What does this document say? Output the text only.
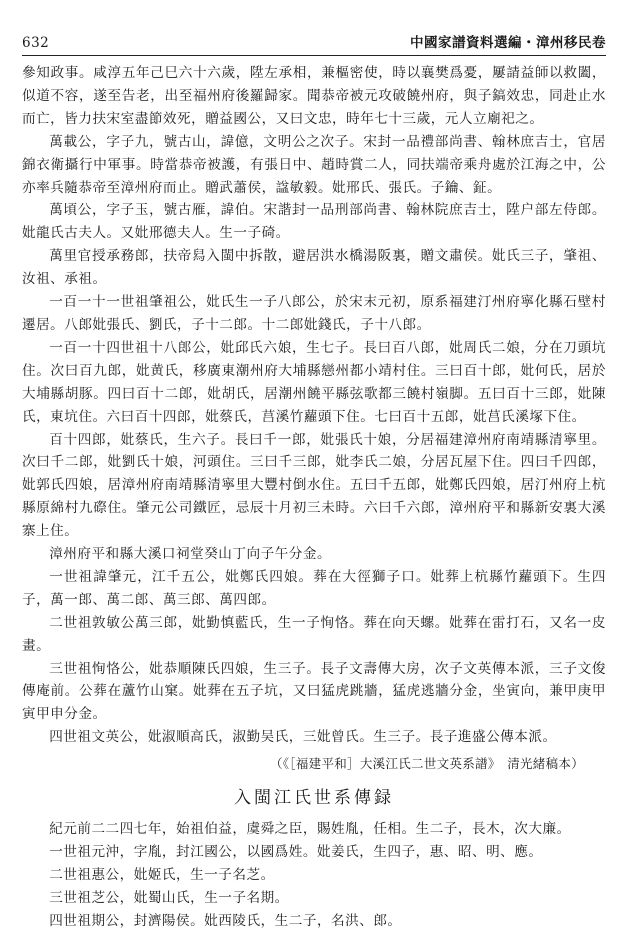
632	中國家譜資料選編・漳州移民卷

參知政事。咸淳五年己巳六十六歲，陞左承相，兼樞密使，時以襄樊爲憂，屢請益師以救闔，似道不容，遂至告老，出至福州府後羅歸家。聞恭帝被元攻破饒州府，與子鎬效忠，同赴止水而亡，皆力扶宋室盡節效死，贈益國公，又曰文忠，時年七十三歲，元人立廟祀之。

萬載公，字子九，號古山，諱億，文明公之次子。宋封一品禮部尚書、翰林庶吉士，官居錦衣衛攝行中軍事。時當恭帝被護，有張日中、趙時賞二人，同扶端帝乘舟處於江海之中，公亦率兵隨恭帝至漳州府而止。贈武蕭侯，諡敏毅。妣邢氏、張氏。子鑰、鉦。

萬頃公，字子玉，號古雁，諱伯。宋諧封一品刑部尚書、翰林院庶吉士，陞户部左侍郎。妣龍氏古夫人。又妣邢德夫人。生一子碕。

萬里官授承務郎，扶帝舄入閩中拆散，避居洪水橋湯阪裏，贈文肅侯。妣氏三子，肇祖、汝祖、承祖。

一百一十一世祖肇祖公，妣氏生一子八郎公，於宋末元初，原系福建汀州府寧化縣石壁村遷居。八郎妣張氏、劉氏，子十二郎。十二郎妣錢氏，子十八郎。

一百一十四世祖十八郎公，妣邱氏六娘，生七子。長曰百八郎，妣周氏二娘，分在刀頭坑住。次曰百九郎，妣黄氏，移廣東潮州府大埔縣戀州都小靖村住。三曰百十郎，妣何氏，居於大埔縣胡豚。四曰百十二郎，妣胡氏，居潮州饒平縣弦歌都三饒村嶺脚。五曰百十三郎，妣陳氏，東坑住。六曰百十四郎，妣蔡氏，莒溪竹蘿頭下住。七曰百十五郎，妣莒氏溪塚下住。

百十四郎，妣蔡氏，生六子。長曰千一郎，妣張氏十娘，分居福建漳州府南靖縣清寧里。次曰千二郎，妣劉氏十娘，河頭住。三曰千三郎，妣李氏二娘，分居瓦屋下住。四曰千四郎，妣郭氏四娘，居漳州府南靖縣清寧里大豐村倒水住。五曰千五郎，妣鄭氏四娘，居汀州府上杭縣原綿村九磜住。肇元公司鐵匠，忌辰十月初三未時。六曰千六郎，漳州府平和縣新安裏大溪寨上住。

漳州府平和縣大溪口祠堂癸山丁向子午分金。

一世祖諱肇元，江千五公，妣鄭氏四娘。葬在大徑獅子口。妣葬上杭縣竹蘿頭下。生四子，萬一郎、萬二郎、萬三郎、萬四郎。

二世祖敦敏公萬三郎，妣勤慎藍氏，生一子恂恪。葬在向天螺。妣葬在雷打石，又名一皮畫。

三世祖恂恪公，妣恭順陳氏四娘，生三子。長子文壽傳大房，次子文英傳本派，三子文俊傳庵前。公葬在蘆竹山窠。妣葬在五子坑，又曰猛虎跳牆，猛虎逃牆分金，坐寅向，兼甲庚甲寅甲申分金。

四世祖文英公，妣淑順高氏，淑勤吴氏，三妣曾氏。生三子。長子進盛公傳本派。

（《［福建平和］大溪江氏二世文英系譜》　清光緒稿本）
入閩江氏世系傳録

紀元前二二四七年，始祖伯益，虞舜之臣，賜姓胤，任相。生二子，長木，次大廉。

一世祖元沖，字胤，封江國公，以國爲姓。妣姜氏，生四子，惠、昭、明、應。

二世祖惠公，妣姬氏，生一子名芝。

三世祖芝公，妣蜀山氏，生一子名期。

四世祖期公，封濟陽侯。妣西陵氏，生二子，名洪、郎。
